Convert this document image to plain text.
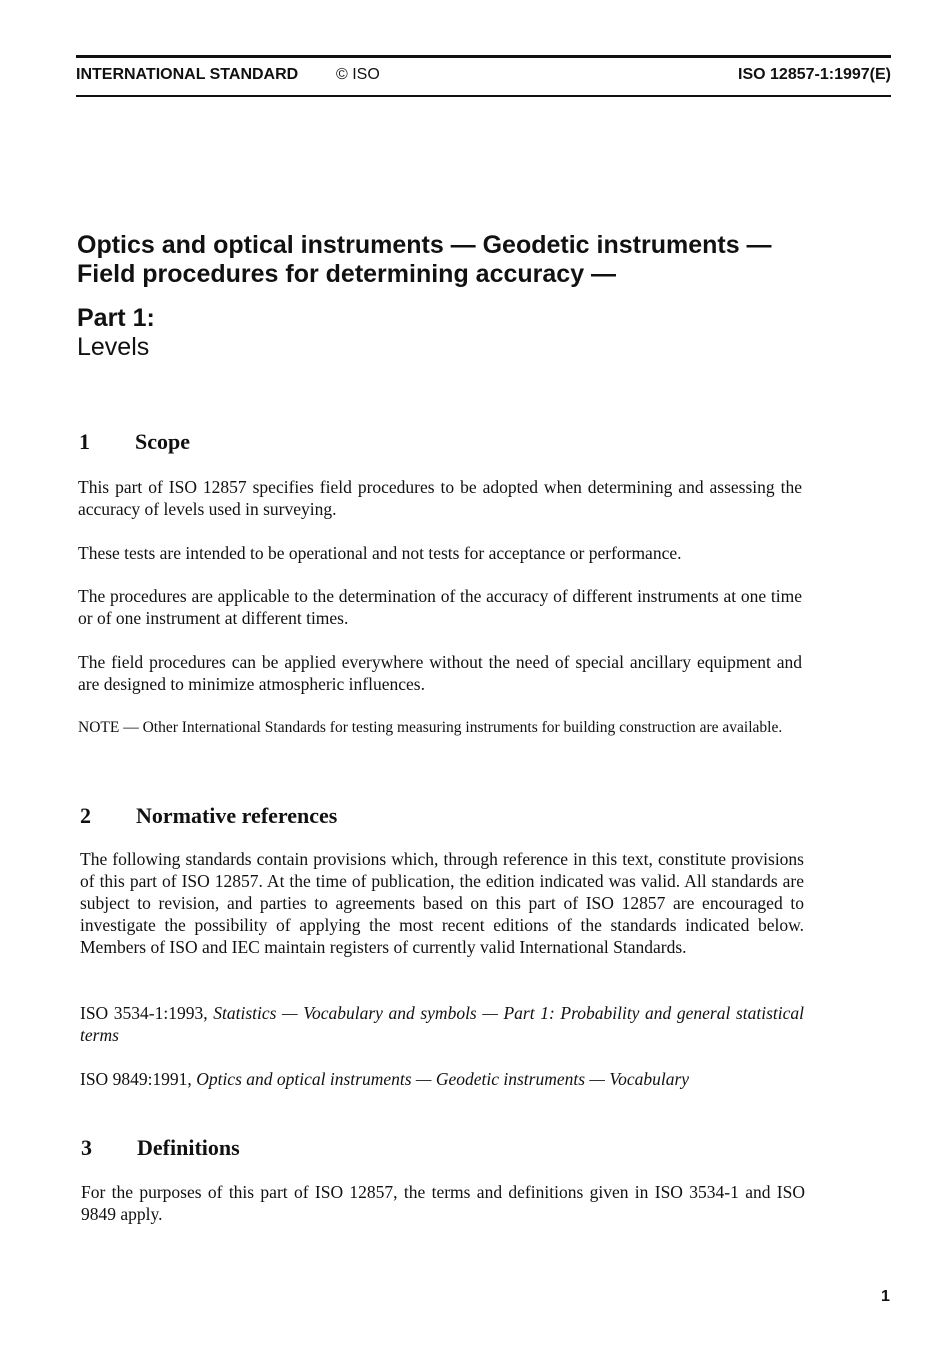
INTERNATIONAL STANDARD © ISO	ISO 12857-1:1997(E)
Optics and optical instruments — Geodetic instruments —
Field procedures for determining accuracy —
Part 1:
Levels
1 Scope
This part of ISO 12857 specifies field procedures to be adopted when determining and assessing the accuracy of levels used in surveying.
These tests are intended to be operational and not tests for acceptance or performance.
The procedures are applicable to the determination of the accuracy of different instruments at one time or of one instrument at different times.
The field procedures can be applied everywhere without the need of special ancillary equipment and are designed to minimize atmospheric influences.
NOTE — Other International Standards for testing measuring instruments for building construction are available.
2 Normative references
The following standards contain provisions which, through reference in this text, constitute provisions of this part of ISO 12857. At the time of publication, the edition indicated was valid. All standards are subject to revision, and parties to agreements based on this part of ISO 12857 are encouraged to investigate the possibility of applying the most recent editions of the standards indicated below. Members of ISO and IEC maintain registers of currently valid International Standards.
ISO 3534-1:1993, Statistics — Vocabulary and symbols — Part 1: Probability and general statistical terms
ISO 9849:1991, Optics and optical instruments — Geodetic instruments — Vocabulary
3 Definitions
For the purposes of this part of ISO 12857, the terms and definitions given in ISO 3534-1 and ISO 9849 apply.
1
